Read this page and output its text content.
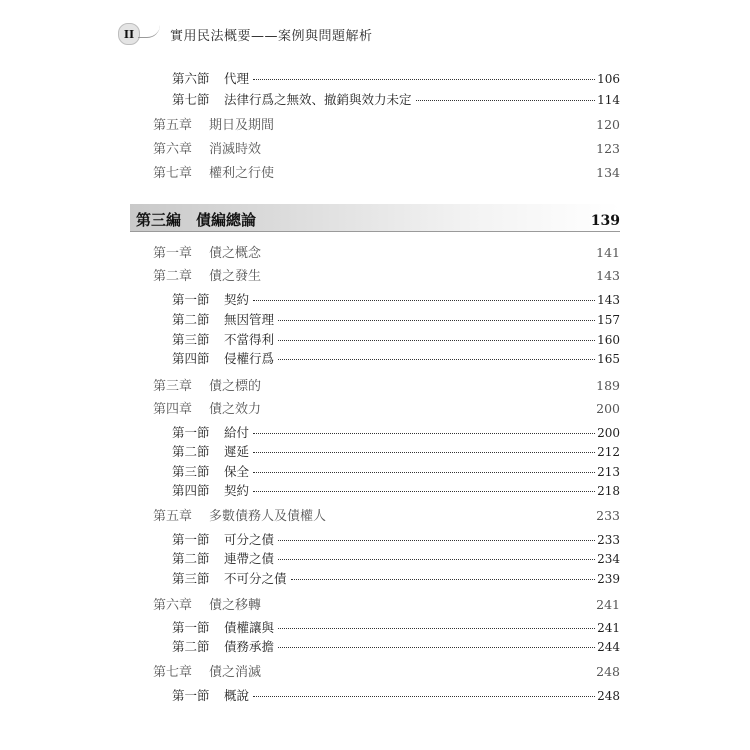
II	實用民法概要——案例與問題解析
第六節	代理	106
第七節	法律行爲之無效、撤銷與效力未定	114
第五章	期日及期間	120
第六章	消滅時效	123
第七章	權利之行使	134
第三編 債編總論	139
第一章	債之概念	141
第二章	債之發生	143
第一節	契約	143
第二節	無因管理	157
第三節	不當得利	160
第四節	侵權行爲	165
第三章	債之標的	189
第四章	債之效力	200
第一節	給付	200
第二節	遲延	212
第三節	保全	213
第四節	契約	218
第五章	多數債務人及債權人	233
第一節	可分之債	233
第二節	連帶之債	234
第三節	不可分之債	239
第六章	債之移轉	241
第一節	債權讓與	241
第二節	債務承擔	244
第七章	債之消滅	248
第一節	概說	248
